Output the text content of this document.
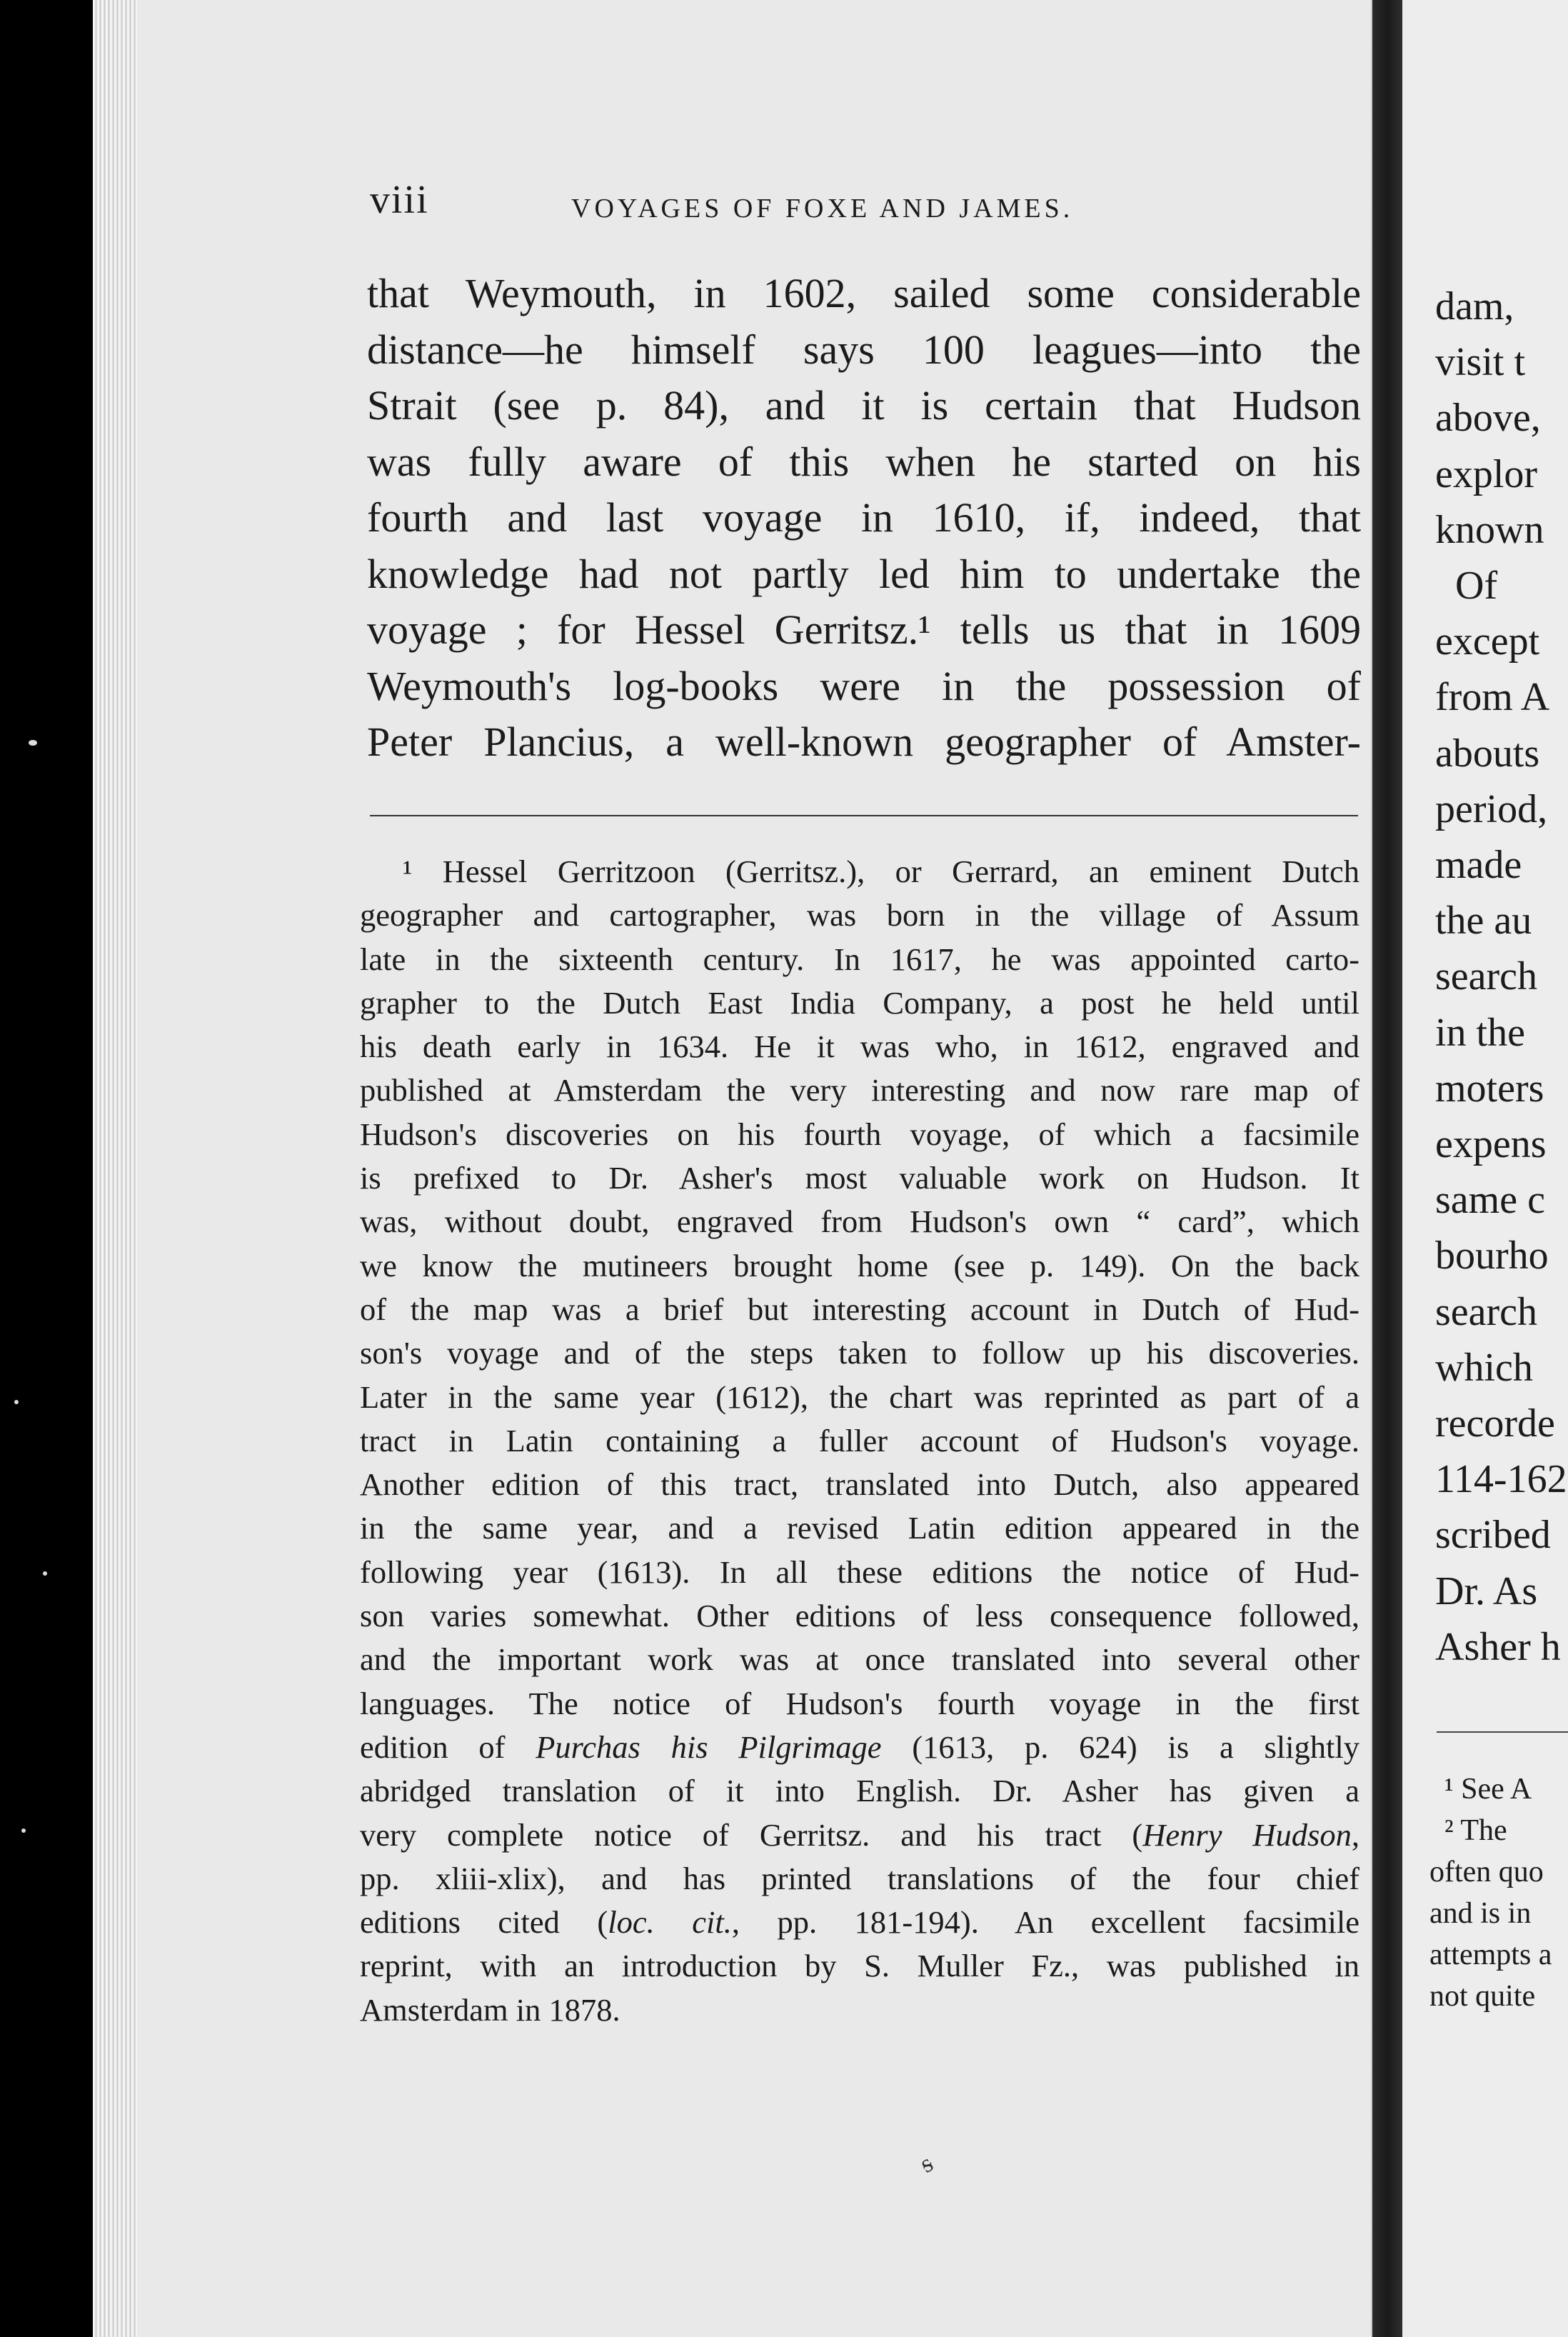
viii	VOYAGES OF FOXE AND JAMES.
that Weymouth, in 1602, sailed some considerable
distance—he himself says 100 leagues—into the
Strait (see p. 84), and it is certain that Hudson
was fully aware of this when he started on his
fourth and last voyage in 1610, if, indeed, that
knowledge had not partly led him to undertake the
voyage ; for Hessel Gerritsz.¹ tells us that in 1609
Weymouth's log-books were in the possession of
Peter Plancius, a well-known geographer of Amster-
¹ Hessel Gerritzoon (Gerritsz.), or Gerrard, an eminent Dutch
geographer and cartographer, was born in the village of Assum
late in the sixteenth century. In 1617, he was appointed carto-
grapher to the Dutch East India Company, a post he held until
his death early in 1634. He it was who, in 1612, engraved and
published at Amsterdam the very interesting and now rare map of
Hudson's discoveries on his fourth voyage, of which a facsimile
is prefixed to Dr. Asher's most valuable work on Hudson. It
was, without doubt, engraved from Hudson's own “ card”, which
we know the mutineers brought home (see p. 149). On the back
of the map was a brief but interesting account in Dutch of Hud-
son's voyage and of the steps taken to follow up his discoveries.
Later in the same year (1612), the chart was reprinted as part of a
tract in Latin containing a fuller account of Hudson's voyage.
Another edition of this tract, translated into Dutch, also appeared
in the same year, and a revised Latin edition appeared in the
following year (1613). In all these editions the notice of Hud-
son varies somewhat. Other editions of less consequence followed,
and the important work was at once translated into several other
languages. The notice of Hudson's fourth voyage in the first
edition of Purchas his Pilgrimage (1613, p. 624) is a slightly
abridged translation of it into English. Dr. Asher has given a
very complete notice of Gerritsz. and his tract (Henry Hudson,
pp. xliii-xlix), and has printed translations of the four chief
editions cited (loc. cit., pp. 181-194). An excellent facsimile
reprint, with an introduction by S. Muller Fz., was published in
Amsterdam in 1878.
ᵴ
dam,
visit t
above,
explor
known
Of
except
from A
abouts
period,
made
the au
search
in the
moters
expens
same c
bourho
search
which
recorde
114-162
scribed
Dr. As
Asher h
¹ See A
² The
often quo
and is in
attempts a
not quite
